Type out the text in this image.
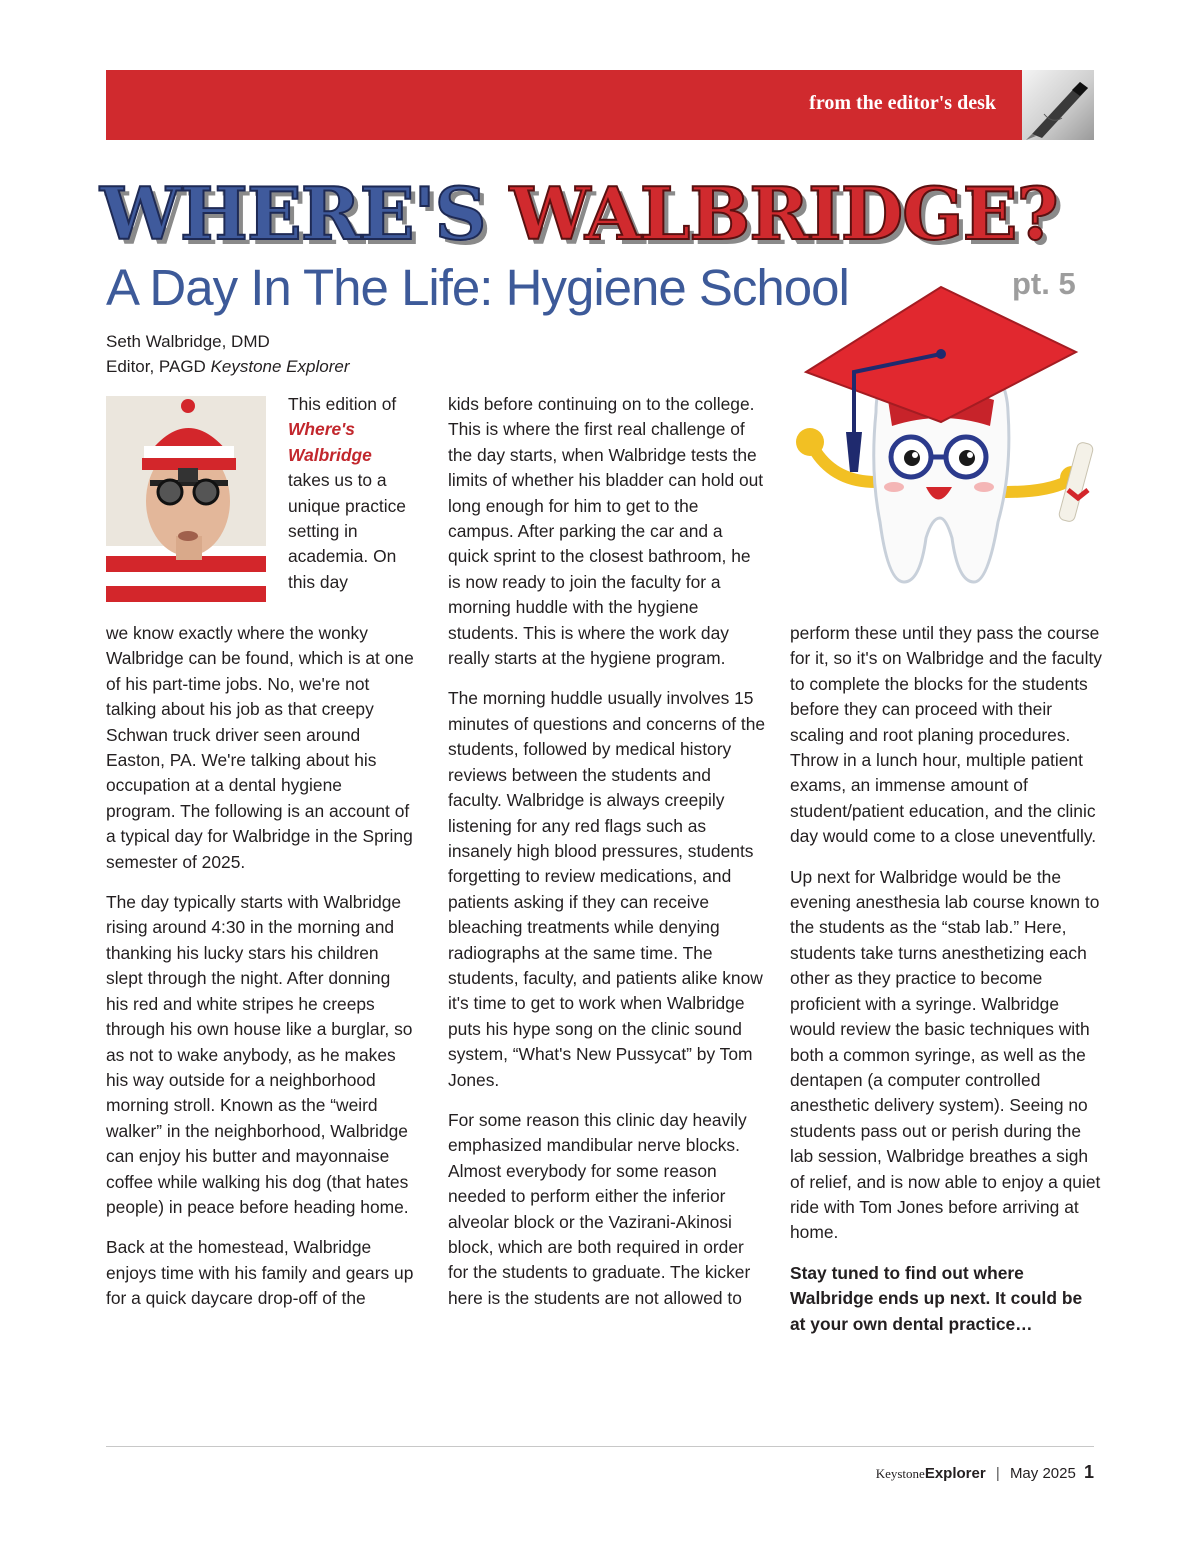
from the editor's desk
WHERE'S WALBRIDGE?
A Day In The Life: Hygiene School	pt. 5
Seth Walbridge, DMD
Editor, PAGD Keystone Explorer
This edition of Where's Walbridge takes us to a unique practice setting in academia. On this day

we know exactly where the wonky Walbridge can be found, which is at one of his part-time jobs. No, we're not talking about his job as that creepy Schwan truck driver seen around Easton, PA. We're talking about his occupation at a dental hygiene program. The following is an account of a typical day for Walbridge in the Spring semester of 2025.

The day typically starts with Walbridge rising around 4:30 in the morning and thanking his lucky stars his children slept through the night. After donning his red and white stripes he creeps through his own house like a burglar, so as not to wake anybody, as he makes his way outside for a neighborhood morning stroll. Known as the “weird walker” in the neighborhood, Walbridge can enjoy his butter and mayonnaise coffee while walking his dog (that hates people) in peace before heading home.

Back at the homestead, Walbridge enjoys time with his family and gears up for a quick daycare drop-off of the

kids before continuing on to the college. This is where the first real challenge of the day starts, when Walbridge tests the limits of whether his bladder can hold out long enough for him to get to the campus. After parking the car and a quick sprint to the closest bathroom, he is now ready to join the faculty for a morning huddle with the hygiene students. This is where the work day really starts at the hygiene program.

The morning huddle usually involves 15 minutes of questions and concerns of the students, followed by medical history reviews between the students and faculty. Walbridge is always creepily listening for any red flags such as insanely high blood pressures, students forgetting to review medications, and patients asking if they can receive bleaching treatments while denying radiographs at the same time. The students, faculty, and patients alike know it's time to get to work when Walbridge puts his hype song on the clinic sound system, “What's New Pussycat” by Tom Jones.

For some reason this clinic day heavily emphasized mandibular nerve blocks. Almost everybody for some reason needed to perform either the inferior alveolar block or the Vazirani-Akinosi block, which are both required in order for the students to graduate. The kicker here is the students are not allowed to

perform these until they pass the course for it, so it's on Walbridge and the faculty to complete the blocks for the students before they can proceed with their scaling and root planing procedures. Throw in a lunch hour, multiple patient exams, an immense amount of student/patient education, and the clinic day would come to a close uneventfully.

Up next for Walbridge would be the evening anesthesia lab course known to the students as the “stab lab.” Here, students take turns anesthetizing each other as they practice to become proficient with a syringe. Walbridge would review the basic techniques with both a common syringe, as well as the dentapen (a computer controlled anesthetic delivery system). Seeing no students pass out or perish during the lab session, Walbridge breathes a sigh of relief, and is now able to enjoy a quiet ride with Tom Jones before arriving at home.

Stay tuned to find out where Walbridge ends up next. It could be at your own dental practice…

KeystoneExplorer | May 2025 1
